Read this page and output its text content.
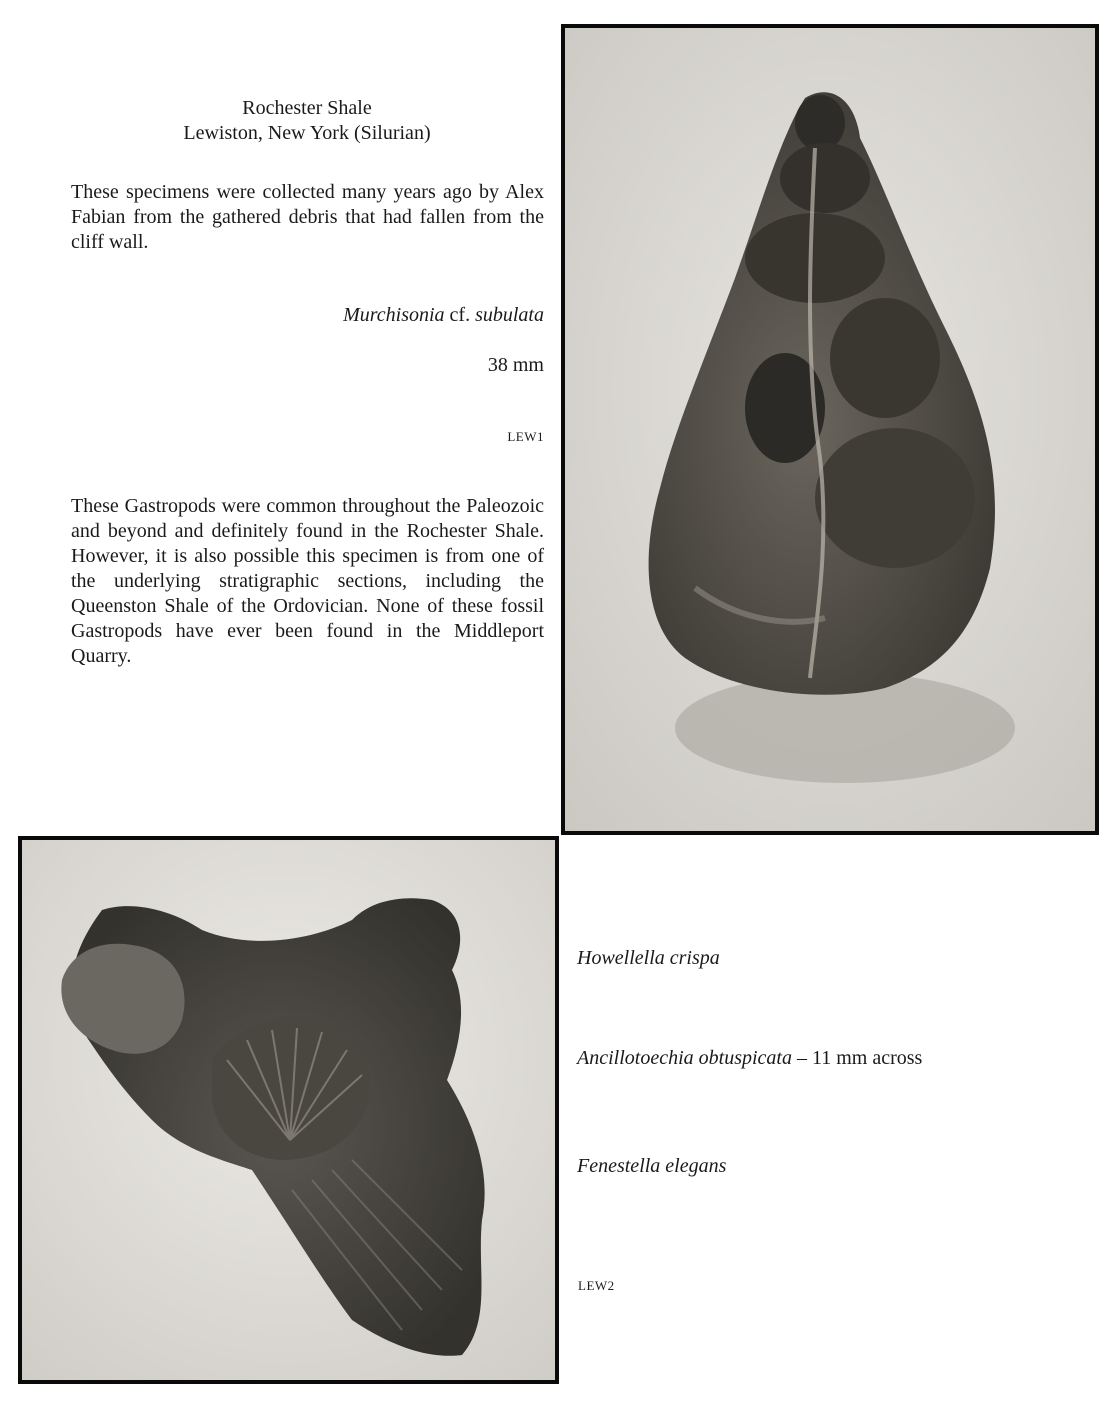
Rochester Shale
Lewiston, New York (Silurian)
These specimens were collected many years ago by Alex Fabian from the gathered debris that had fallen from the cliff wall.
Murchisonia cf. subulata
38 mm
LEW1
These Gastropods were common throughout the Paleozoic and beyond and definitely found in the Rochester Shale. However, it is also possible this specimen is from one of the underlying stratigraphic sections, including the Queenston Shale of the Ordovician. None of these fossil Gastropods have ever been found in the Middleport Quarry.
Howellella crispa
Ancillotoechia obtuspicata – 11 mm across
Fenestella elegans
LEW2
